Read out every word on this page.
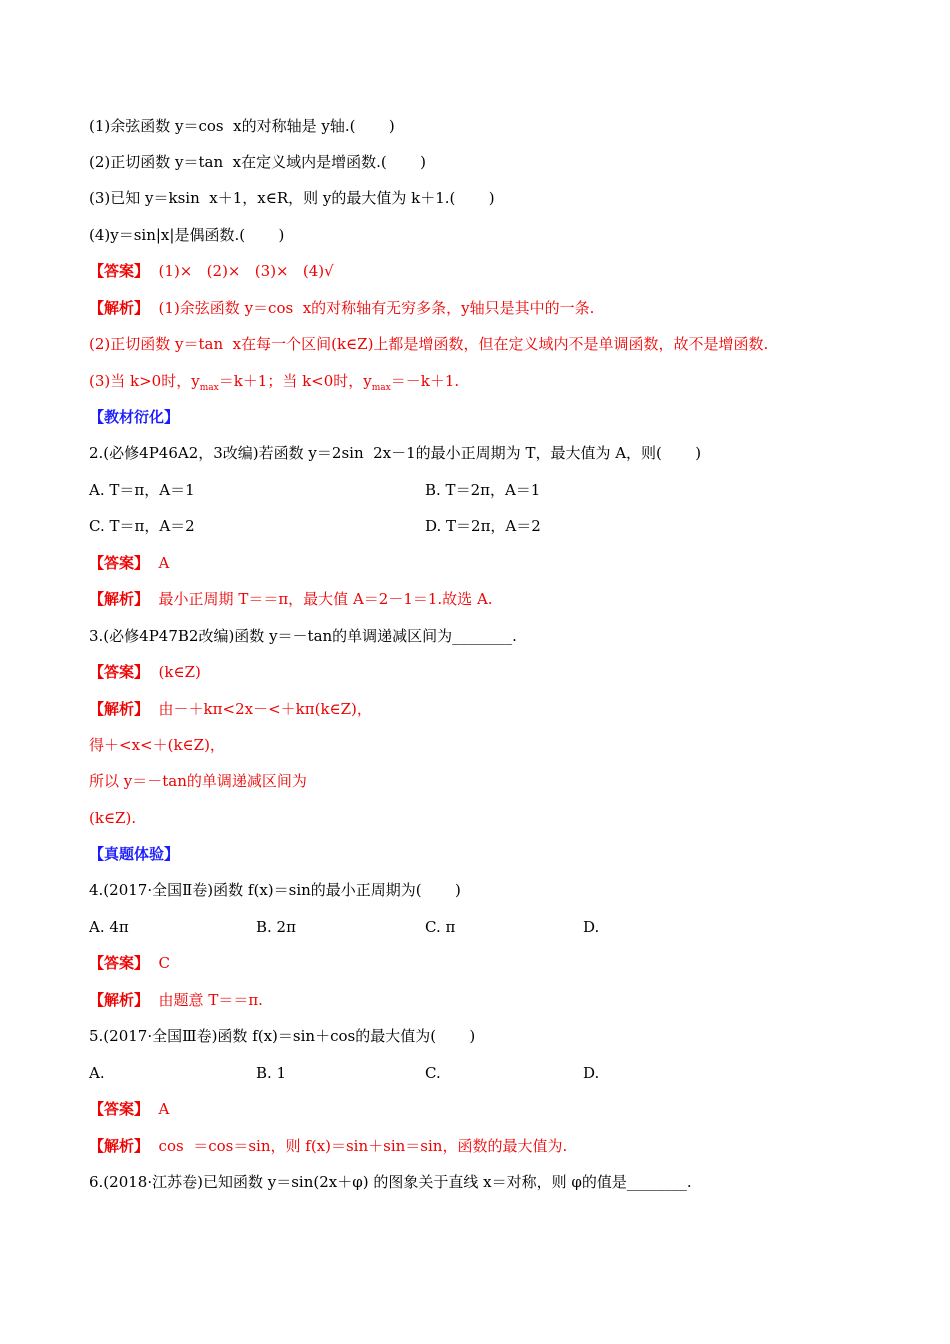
(1)余弦函数 y＝cos  x的对称轴是 y轴.(       )
(2)正切函数 y＝tan  x在定义域内是增函数.(       )
(3)已知 y＝ksin  x＋1，x∈R，则 y的最大值为 k＋1.(       )
(4)y＝sin|x|是偶函数.(       )
【答案】  (1)×   (2)×   (3)×   (4)√
【解析】  (1)余弦函数 y＝cos  x的对称轴有无穷多条，y轴只是其中的一条.
(2)正切函数 y＝tan  x在每一个区间(k∈Z)上都是增函数，但在定义域内不是单调函数，故不是增函数.
(3)当 k>0时，$y_{max}=k+1$；当 k<0时，$y_{max}=-k+1$.
【教材衍化】
2.(必修4P46A2，3改编)若函数 y＝2sin  2x－1的最小正周期为 T，最大值为 A，则(       )
A. T＝π，A＝1	B. T＝2π，A＝1
C. T＝π，A＝2	D. T＝2π，A＝2
【答案】  A
【解析】  最小正周期 T＝＝π，最大值 A＝2－1＝1.故选 A.
3.(必修4P47B2改编)函数 y＝－tan的单调递减区间为________.
【答案】  (k∈Z)
【解析】  由－＋kπ<2x－<＋kπ(k∈Z)，
得＋<x<＋(k∈Z)，
所以 y＝－tan的单调递减区间为
(k∈Z).
【真题体验】
4.(2017·全国Ⅱ卷)函数 f(x)＝sin的最小正周期为(       )
A. 4π	B. 2π	C. π	D.
【答案】  C
【解析】  由题意 T＝＝π.
5.(2017·全国Ⅲ卷)函数 f(x)＝sin＋cos的最大值为(       )
A.	B. 1	C.	D.
【答案】  A
【解析】  cos  ＝cos＝sin，则 f(x)＝sin＋sin＝sin，函数的最大值为.
6.(2018·江苏卷)已知函数 y＝sin(2x＋φ) 的图象关于直线 x＝对称，则 φ的值是________.
